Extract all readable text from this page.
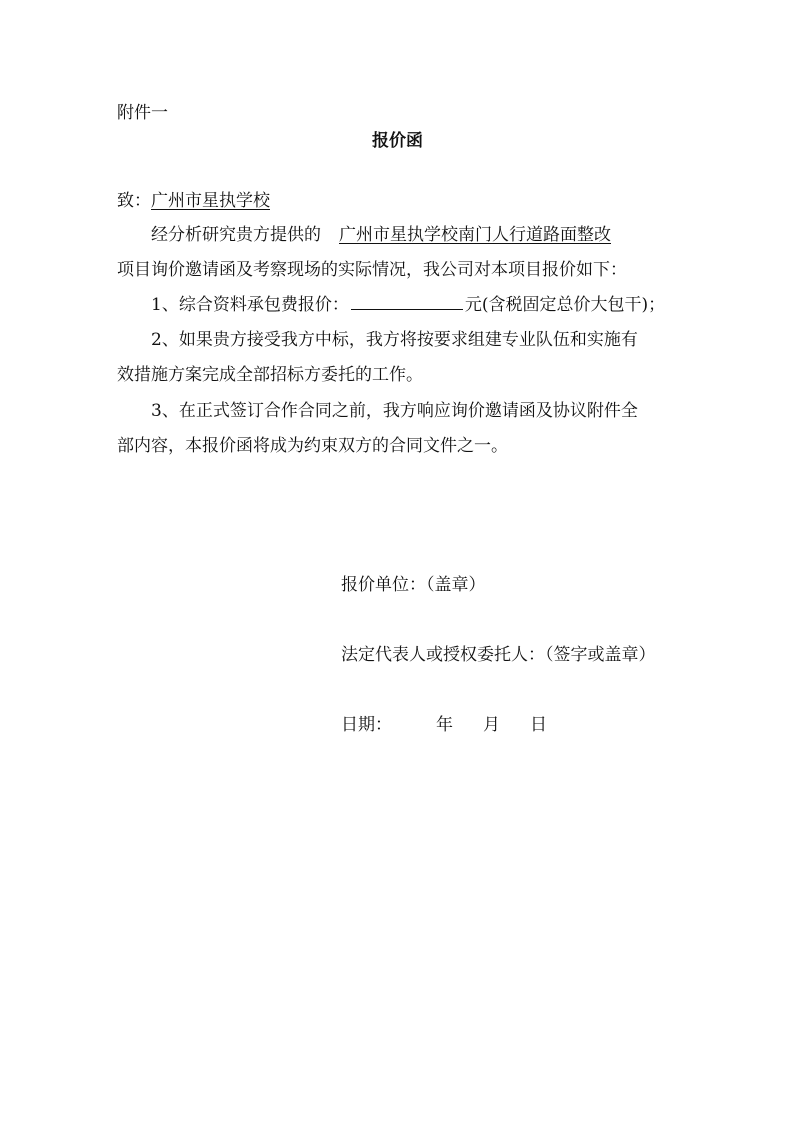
附件一
报价函
致：广州市星执学校
经分析研究贵方提供的 广州市星执学校南门人行道路面整改
项目询价邀请函及考察现场的实际情况，我公司对本项目报价如下：
1、综合资料承包费报价：	元(含税固定总价大包干)；
2、如果贵方接受我方中标，我方将按要求组建专业队伍和实施有
效措施方案完成全部招标方委托的工作。
3、在正式签订合作合同之前，我方响应询价邀请函及协议附件全
部内容，本报价函将成为约束双方的合同文件之一。
报价单位：（盖章）
法定代表人或授权委托人：（签字或盖章）
日期：	年 月 日
